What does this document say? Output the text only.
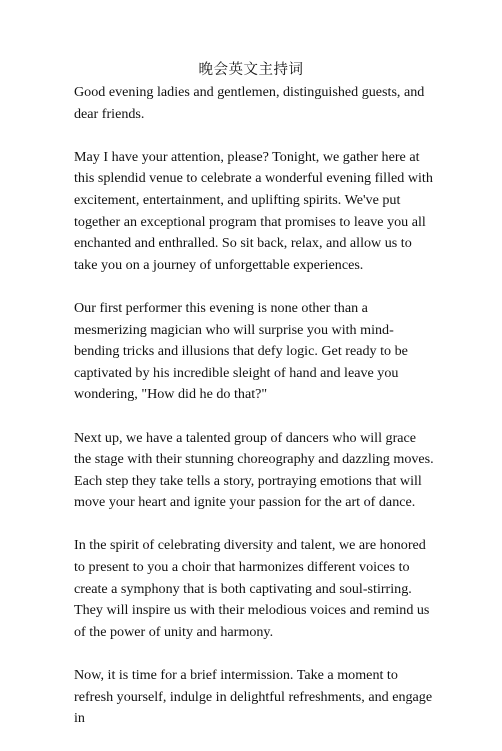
晚会英文主持词

Good evening ladies and gentlemen, distinguished guests, and dear friends.

May I have your attention, please? Tonight, we gather here at this splendid venue to celebrate a wonderful evening filled with excitement, entertainment, and uplifting spirits. We've put together an exceptional program that promises to leave you all enchanted and enthralled. So sit back, relax, and allow us to take you on a journey of unforgettable experiences.

Our first performer this evening is none other than a mesmerizing magician who will surprise you with mind-bending tricks and illusions that defy logic. Get ready to be captivated by his incredible sleight of hand and leave you wondering, "How did he do that?"

Next up, we have a talented group of dancers who will grace the stage with their stunning choreography and dazzling moves. Each step they take tells a story, portraying emotions that will move your heart and ignite your passion for the art of dance.

In the spirit of celebrating diversity and talent, we are honored to present to you a choir that harmonizes different voices to create a symphony that is both captivating and soul-stirring. They will inspire us with their melodious voices and remind us of the power of unity and harmony.

Now, it is time for a brief intermission. Take a moment to refresh yourself, indulge in delightful refreshments, and engage in
